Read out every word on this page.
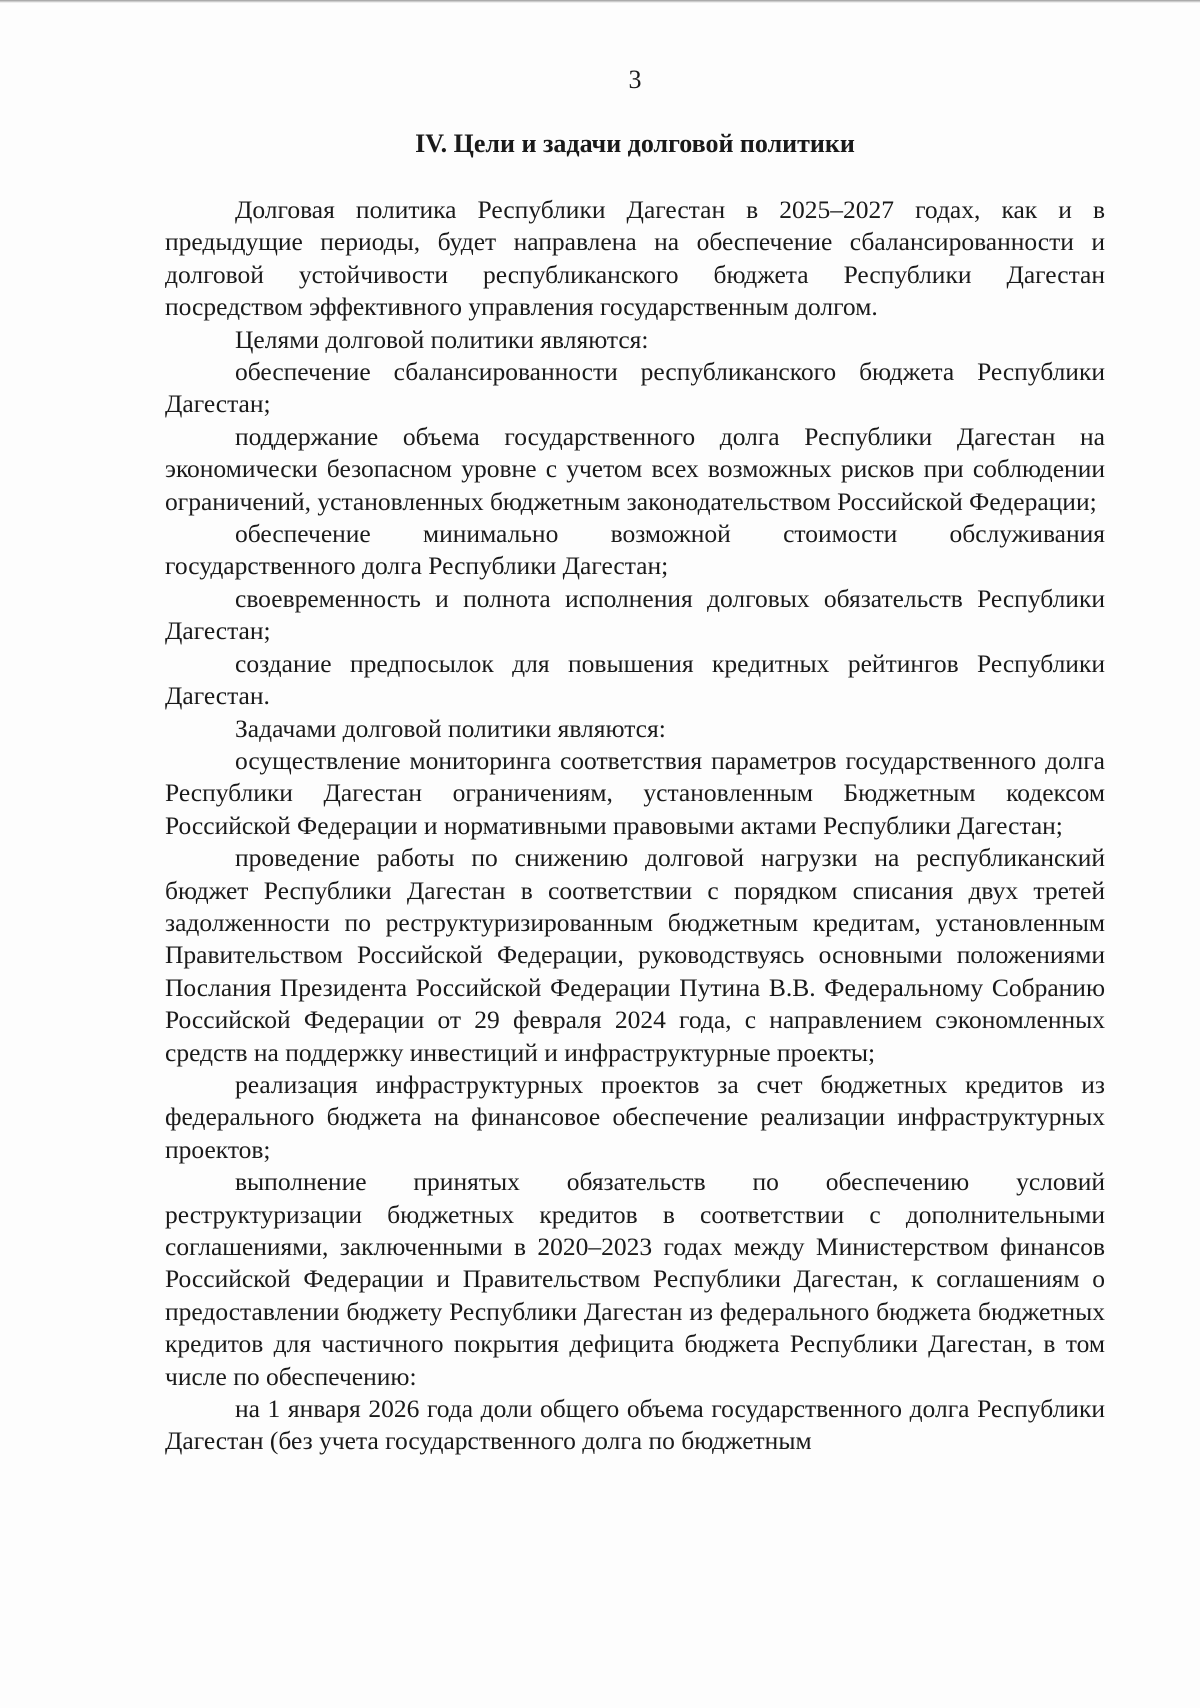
3
IV. Цели и задачи долговой политики

Долговая политика Республики Дагестан в 2025–2027 годах, как и в предыдущие периоды, будет направлена на обеспечение сбалансированности и долговой устойчивости республиканского бюджета Республики Дагестан посредством эффективного управления государственным долгом.

Целями долговой политики являются:

обеспечение сбалансированности республиканского бюджета Республики Дагестан;

поддержание объема государственного долга Республики Дагестан на экономически безопасном уровне с учетом всех возможных рисков при соблюдении ограничений, установленных бюджетным законодательством Российской Федерации;

обеспечение минимально возможной стоимости обслуживания государственного долга Республики Дагестан;

своевременность и полнота исполнения долговых обязательств Республики Дагестан;

создание предпосылок для повышения кредитных рейтингов Республики Дагестан.

Задачами долговой политики являются:

осуществление мониторинга соответствия параметров государственного долга Республики Дагестан ограничениям, установленным Бюджетным кодексом Российской Федерации и нормативными правовыми актами Республики Дагестан;

проведение работы по снижению долговой нагрузки на республиканский бюджет Республики Дагестан в соответствии с порядком списания двух третей задолженности по реструктуризированным бюджетным кредитам, установленным Правительством Российской Федерации, руководствуясь основными положениями Послания Президента Российской Федерации Путина В.В. Федеральному Собранию Российской Федерации от 29 февраля 2024 года, с направлением сэкономленных средств на поддержку инвестиций и инфраструктурные проекты;

реализация инфраструктурных проектов за счет бюджетных кредитов из федерального бюджета на финансовое обеспечение реализации инфраструктурных проектов;

выполнение принятых обязательств по обеспечению условий реструктуризации бюджетных кредитов в соответствии с дополнительными соглашениями, заключенными в 2020–2023 годах между Министерством финансов Российской Федерации и Правительством Республики Дагестан, к соглашениям о предоставлении бюджету Республики Дагестан из федерального бюджета бюджетных кредитов для частичного покрытия дефицита бюджета Республики Дагестан, в том числе по обеспечению:

на 1 января 2026 года доли общего объема государственного долга Республики Дагестан (без учета государственного долга по бюджетным
